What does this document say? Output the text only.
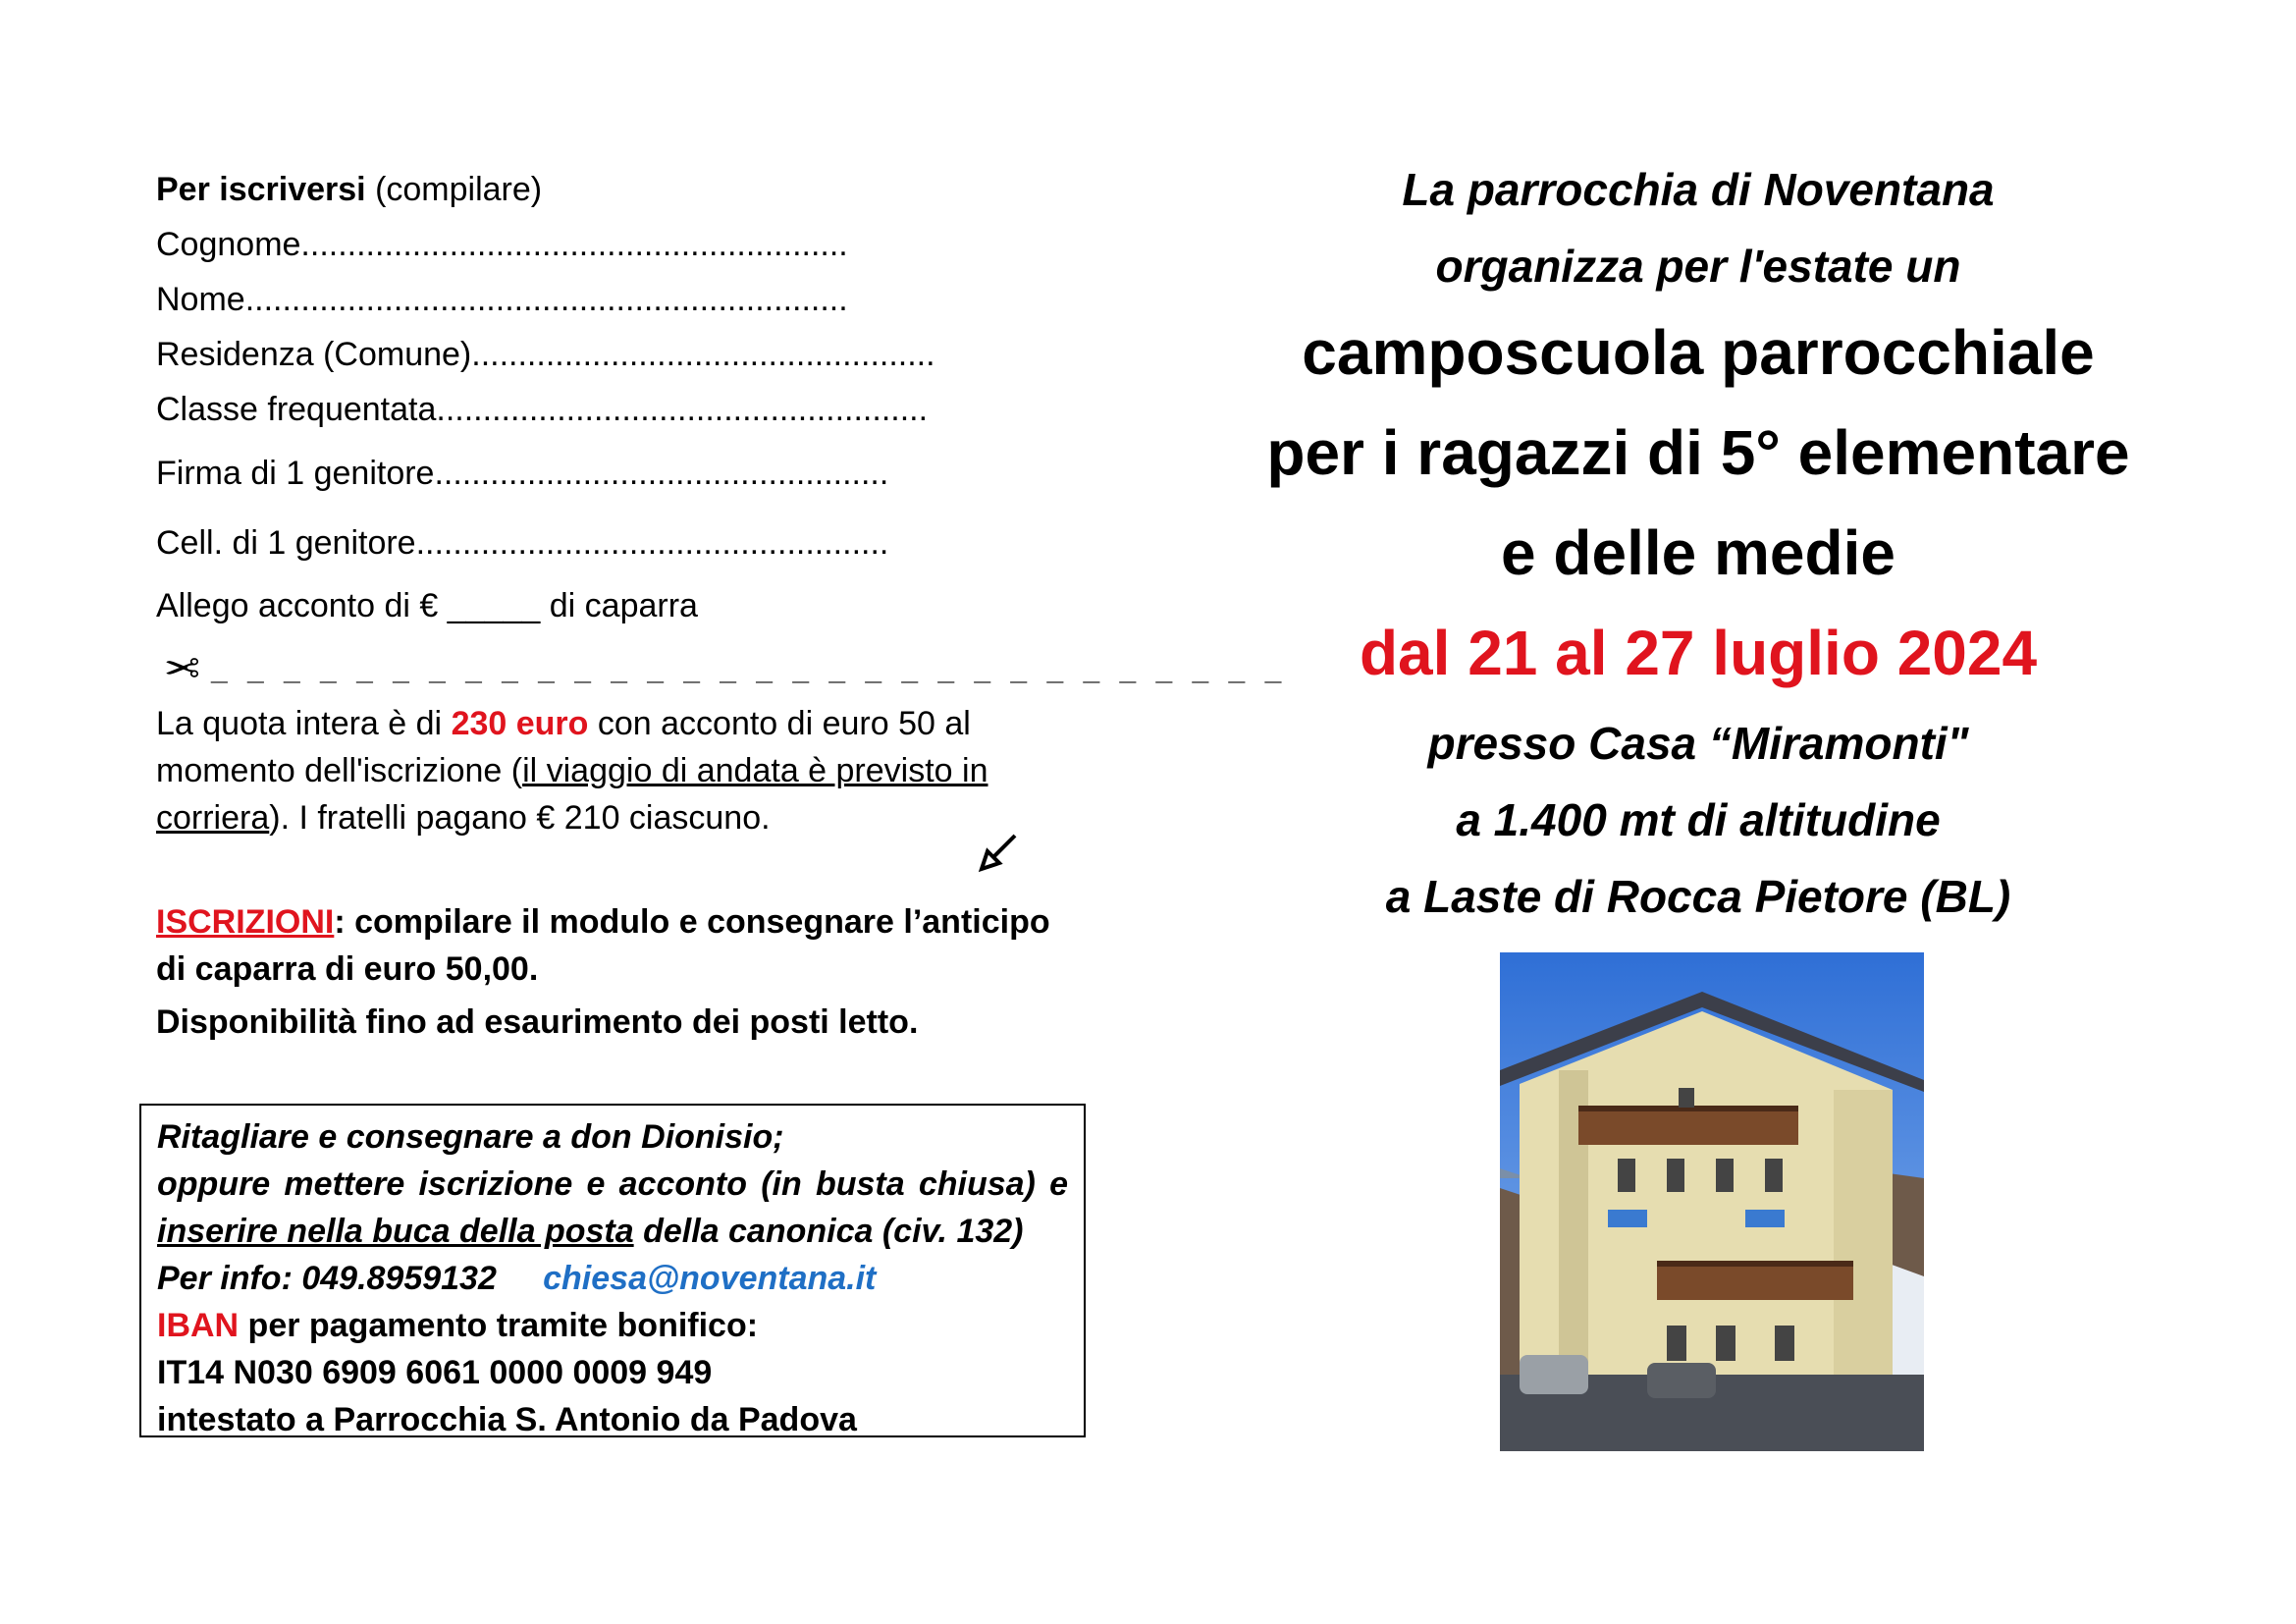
Per iscriversi (compilare)
Cognome...........................................................
Nome.................................................................
Residenza (Comune)..................................................
Classe frequentata.....................................................
Firma di 1 genitore.................................................
Cell. di 1 genitore...................................................
Allego acconto di € _____ di caparra
✂ _ _ _ _ _ _ _ _ _ _ _ _ _ _ _ _ _ _ _ _ _ _ _ _ _ _ _ _ _ _
La quota intera è di 230 euro con acconto di euro 50 al
momento dell'iscrizione (il viaggio di andata è previsto in
corriera). I fratelli pagano € 210 ciascuno.
ISCRIZIONI: compilare il modulo e consegnare l’anticipo
di caparra di euro 50,00.
Disponibilità fino ad esaurimento dei posti letto.
Ritagliare e consegnare a don Dionisio;
oppure mettere iscrizione e acconto (in busta chiusa) e
inserire nella buca della posta della canonica (civ. 132)
Per info: 049.8959132 chiesa@noventana.it
IBAN per pagamento tramite bonifico:
IT14 N030 6909 6061 0000 0009 949
intestato a Parrocchia S. Antonio da Padova
La parrocchia di Noventana
organizza per l'estate un
camposcuola parrocchiale
per i ragazzi di 5° elementare
e delle medie
dal 21 al 27 luglio 2024
presso Casa “Miramonti"
a 1.400 mt di altitudine
a Laste di Rocca Pietore (BL)
